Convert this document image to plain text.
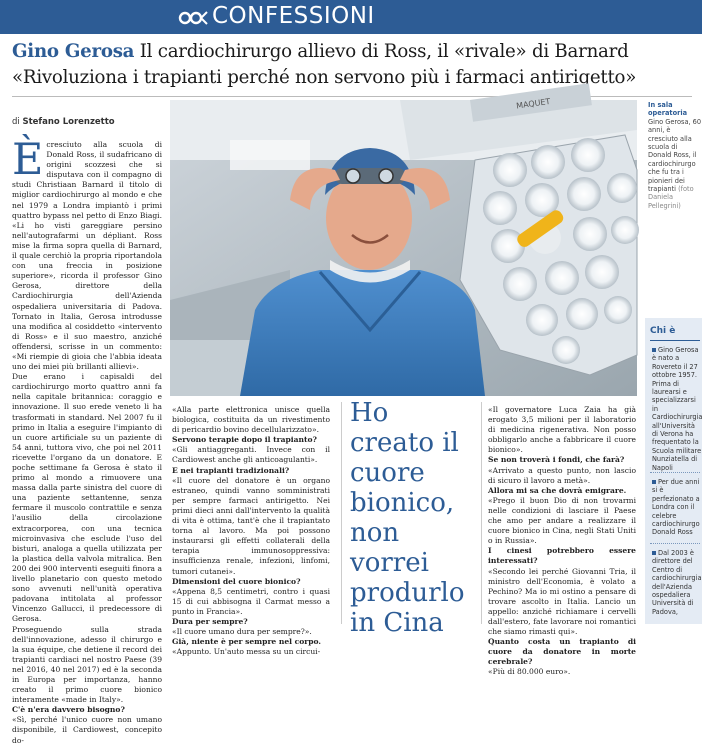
CONFESSIONI
Gino Gerosa Il cardiochirurgo allievo di Ross, il «rivale» di Barnard
«Rivoluziona i trapianti perché non servono più i farmaci antirigetto»
di Stefano Lorenzetto

Ècresciuto alla scuola di Donald Ross, il sudafricano di origini scozzesi che si disputava con il compagno di studi Christiaan Barnard il titolo di miglior cardiochirurgo al mondo e che nel 1979 a Londra impiantò i primi quattro bypass nel petto di Enzo Biagi. «Li ho visti gareggiare persino nell'autografarmi un dépliant. Ross mise la firma sopra quella di Barnard, il quale cerchiò la propria riportandola con una freccia in posizione superiore», ricorda il professor Gino Gerosa, direttore della Cardiochirurgia dell'Azienda ospedaliera universitaria di Padova. Tornato in Italia, Gerosa introdusse una modifica al cosiddetto «intervento di Ross» e il suo maestro, anziché offendersi, scrisse in un commento: «Mi riempie di gioia che l'abbia ideata uno dei miei più brillanti allievi».

Due erano i capisaldi del cardiochirurgo morto quattro anni fa nella capitale britannica: coraggio e innovazione. Il suo erede veneto li ha trasformati in standard. Nel 2007 fu il primo in Italia a eseguire l'impianto di un cuore artificiale su un paziente di 54 anni, tuttora vivo, che poi nel 2011 ricevette l'organo da un donatore. E poche settimane fa Gerosa è stato il primo al mondo a rimuovere una massa dalla parte sinistra del cuore di una paziente settantenne, senza fermare il muscolo contrattile e senza l'ausilio della circolazione extracorporea, con una tecnica microinvasiva che esclude l'uso del bisturi, analoga a quella utilizzata per la plastica della valvola mitralica. Ben 200 dei 900 interventi eseguiti finora a livello planetario con questo metodo sono avvenuti nell'unità operativa padovana intitolata al professor Vincenzo Gallucci, il predecessore di Gerosa.

Proseguendo sulla strada dell'innovazione, adesso il chirurgo e la sua équipe, che detiene il record dei trapianti cardiaci nel nostro Paese (39 nel 2016, 40 nel 2017) ed è la seconda in Europa per importanza, hanno creato il primo cuore bionico interamente «made in Italy».

C'è n'era davvero bisogno?

«Sì, perché l'unico cuore non umano disponibile, il Cardiowest, concepito do-

MAQUET	In sala operatoria
Gino Gerosa, 60 anni, è cresciuto alla scuola di Donald Ross, il cardiochirurgo che fu tra i pionieri dei trapianti (foto Daniela Pellegrini)

«Alla parte elettronica unisce quella biologica, costituita da un rivestimento di pericardio bovino decellularizzato».

Servono terapie dopo il trapianto?

«Gli antiaggreganti. Invece con il Cardiowest anche gli anticoagulanti».

E nei trapianti tradizionali?

«Il cuore del donatore è un organo estraneo, quindi vanno somministrati per sempre farmaci antirigetto. Nei primi dieci anni dall'intervento la qualità di vita è ottima, tant'è che il trapiantato torna al lavoro. Ma poi possono instaurarsi gli effetti collaterali della terapia immunosoppressiva: insufficienza renale, infezioni, linfomi, tumori cutanei».

Dimensioni del cuore bionico?

«Appena 8,5 centimetri, contro i quasi 15 di cui abbisogna il Carmat messo a punto in Francia».

Dura per sempre?

«Il cuore umano dura per sempre?».

Già, niente è per sempre nel corpo.

«Appunto. Un'auto messa su un circui-

Ho creato il cuore bionico, non vorrei produrlo in Cina

«Il governatore Luca Zaia ha già erogato 3,5 milioni per il laboratorio di medicina rigenerativa. Non posso obbligarlo anche a fabbricare il cuore bionico».

Se non troverà i fondi, che farà?

«Arrivato a questo punto, non lascio di sicuro il lavoro a metà».

Allora mi sa che dovrà emigrare.

«Prego il buon Dio di non trovarmi nelle condizioni di lasciare il Paese che amo per andare a realizzare il cuore bionico in Cina, negli Stati Uniti o in Russia».

I cinesi potrebbero essere interessati?

«Secondo lei perché Giovanni Tria, il ministro dell'Economia, è volato a Pechino? Ma io mi ostino a pensare di trovare ascolto in Italia. Lancio un appello: anziché richiamare i cervelli dall'estero, fate lavorare noi romantici che siamo rimasti qui».

Quanto costa un trapianto di cuore da donatore in morte cerebrale?

«Più di 80.000 euro».

Chi è
Gino Gerosa è nato a Rovereto il 27 ottobre 1957. Prima di laurearsi e specializzarsi in Cardiochirurgia all'Università di Verona ha frequentato la Scuola militare Nunziatella di Napoli
Per due anni si è perfezionato a Londra con il celebre cardiochirurgo Donald Ross
Dal 2003 è direttore del Centro di cardiochirurgia dell'Azienda ospedaliera Università di Padova,
